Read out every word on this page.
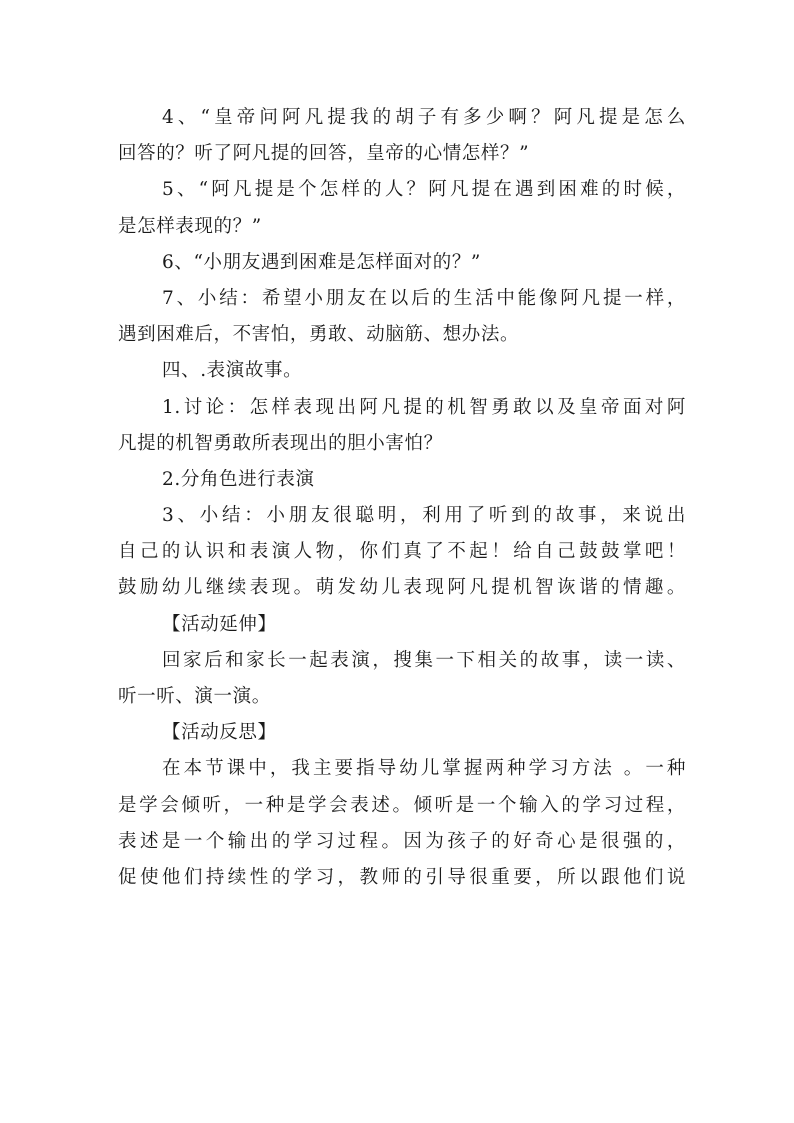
4、“皇帝问阿凡提我的胡子有多少啊？阿凡提是怎么
回答的？听了阿凡提的回答，皇帝的心情怎样？”
5、“阿凡提是个怎样的人？阿凡提在遇到困难的时候，
是怎样表现的？”
6、“小朋友遇到困难是怎样面对的？”
7、小结：希望小朋友在以后的生活中能像阿凡提一样，
遇到困难后，不害怕，勇敢、动脑筋、想办法。
四、.表演故事。
1.讨论：怎样表现出阿凡提的机智勇敢以及皇帝面对阿
凡提的机智勇敢所表现出的胆小害怕？
2.分角色进行表演
3、小结：小朋友很聪明，利用了听到的故事，来说出
自己的认识和表演人物，你们真了不起！给自己鼓鼓掌吧！
鼓励幼儿继续表现。萌发幼儿表现阿凡提机智诙谐的情趣。
【活动延伸】
回家后和家长一起表演，搜集一下相关的故事，读一读、
听一听、演一演。
【活动反思】
在本节课中，我主要指导幼儿掌握两种学习方法 。一种
是学会倾听，一种是学会表述。倾听是一个输入的学习过程，
表述是一个输出的学习过程。因为孩子的好奇心是很强的，
促使他们持续性的学习，教师的引导很重要，所以跟他们说
